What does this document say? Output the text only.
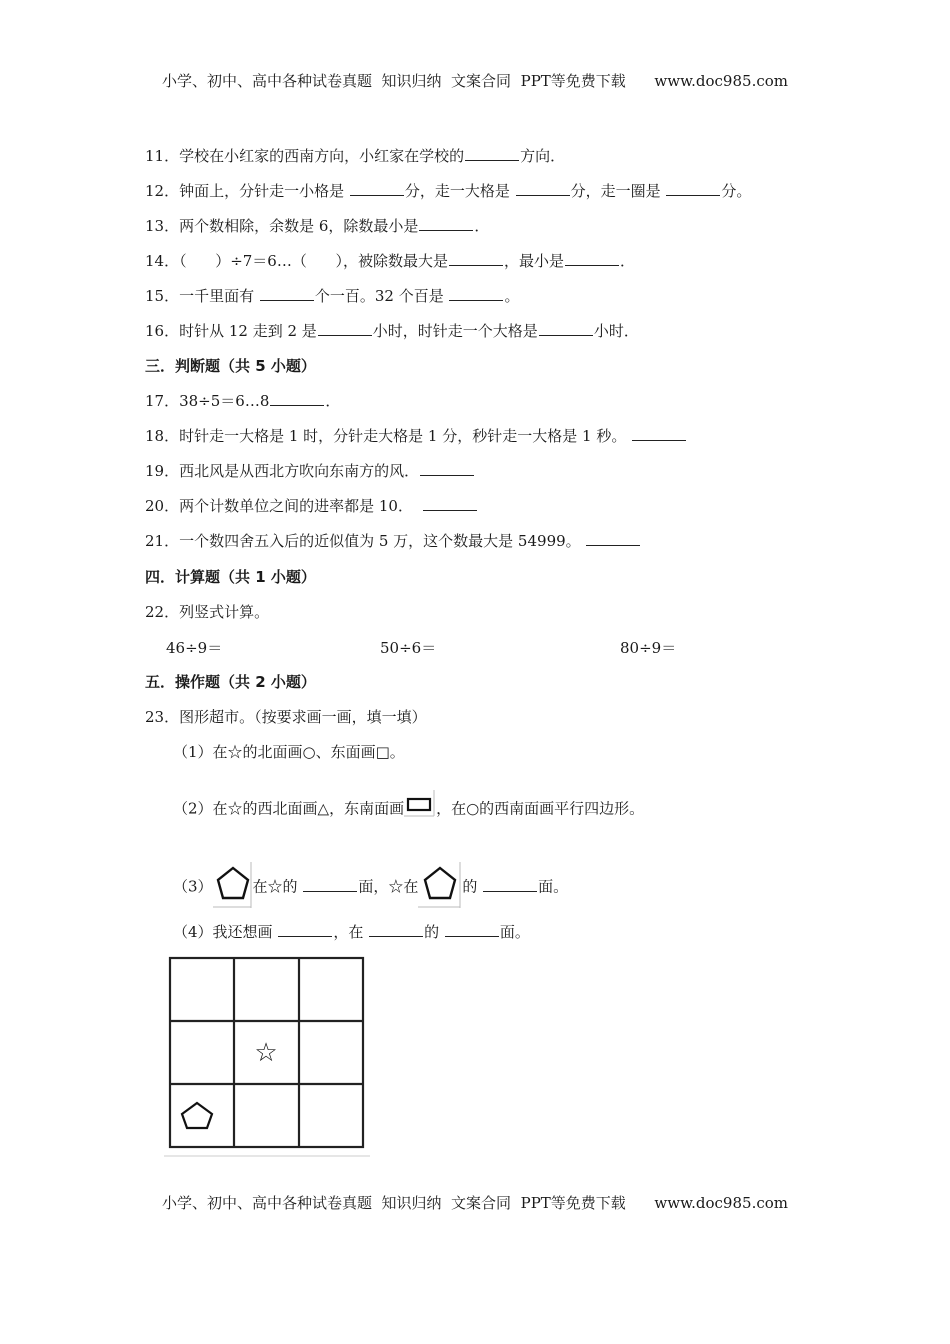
小学、初中、高中各种试卷真题  知识归纳  文案合同  PPT等免费下载      www.doc985.com
11．学校在小红家的西南方向，小红家在学校的	方向．
12．钟面上，分针走一小格是	分，走一大格是	分，走一圈是	分。
13．两个数相除，余数是 6，除数最小是	．
14．（      ）÷7＝6…（      ），被除数最大是	，最小是	．
15．一千里面有	个一百。32 个百是	。
16．时针从 12 走到 2 是	小时，时针走一个大格是	小时．
三．判断题（共 5 小题）
17．38÷5＝6…8	．
18．时针走一大格是 1 时，分针走大格是 1 分，秒针走一大格是 1 秒。
19．西北风是从西北方吹向东南方的风．
20．两个计数单位之间的进率都是 10．
21．一个数四舍五入后的近似值为 5 万，这个数最大是 54999。
四．计算题（共 1 小题）
22．列竖式计算。
46÷9＝	50÷6＝	80÷9＝
五．操作题（共 2 小题）
23．图形超市。（按要求画一画，填一填）
（1）在☆的北面画○、东面画□。
（2）在☆的西北面画△，东南面画 ，在○的西南面画平行四边形。
（3）	在☆的	面，☆在	的	面。
（4）我还想画	，在	的	面。
☆
小学、初中、高中各种试卷真题  知识归纳  文案合同  PPT等免费下载      www.doc985.com
